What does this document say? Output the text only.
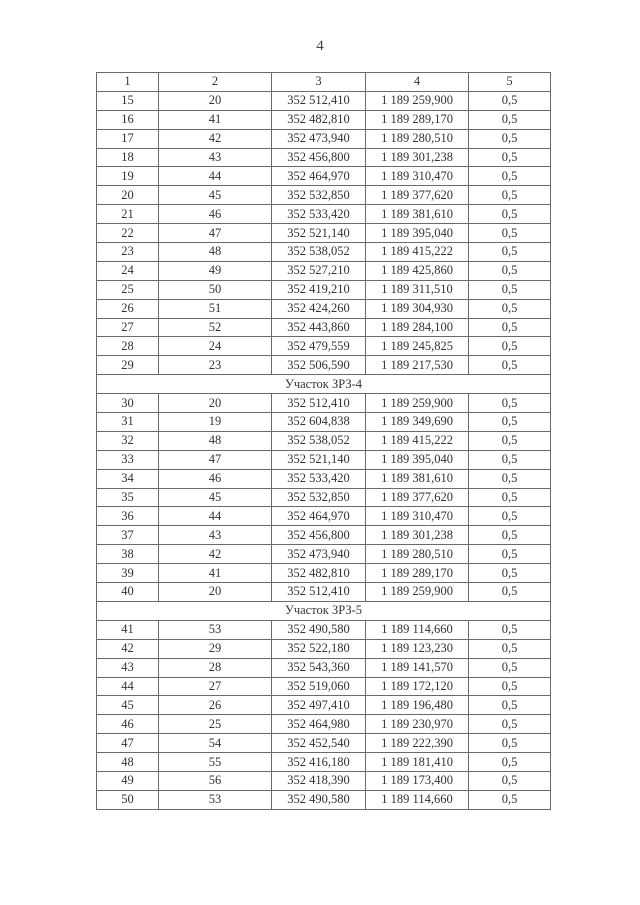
4
1	2	3	4	5
15	20	352 512,410	1 189 259,900	0,5
16	41	352 482,810	1 189 289,170	0,5
17	42	352 473,940	1 189 280,510	0,5
18	43	352 456,800	1 189 301,238	0,5
19	44	352 464,970	1 189 310,470	0,5
20	45	352 532,850	1 189 377,620	0,5
21	46	352 533,420	1 189 381,610	0,5
22	47	352 521,140	1 189 395,040	0,5
23	48	352 538,052	1 189 415,222	0,5
24	49	352 527,210	1 189 425,860	0,5
25	50	352 419,210	1 189 311,510	0,5
26	51	352 424,260	1 189 304,930	0,5
27	52	352 443,860	1 189 284,100	0,5
28	24	352 479,559	1 189 245,825	0,5
29	23	352 506,590	1 189 217,530	0,5
Участок ЗРЗ-4				
30	20	352 512,410	1 189 259,900	0,5
31	19	352 604,838	1 189 349,690	0,5
32	48	352 538,052	1 189 415,222	0,5
33	47	352 521,140	1 189 395,040	0,5
34	46	352 533,420	1 189 381,610	0,5
35	45	352 532,850	1 189 377,620	0,5
36	44	352 464,970	1 189 310,470	0,5
37	43	352 456,800	1 189 301,238	0,5
38	42	352 473,940	1 189 280,510	0,5
39	41	352 482,810	1 189 289,170	0,5
40	20	352 512,410	1 189 259,900	0,5
Участок ЗРЗ-5				
41	53	352 490,580	1 189 114,660	0,5
42	29	352 522,180	1 189 123,230	0,5
43	28	352 543,360	1 189 141,570	0,5
44	27	352 519,060	1 189 172,120	0,5
45	26	352 497,410	1 189 196,480	0,5
46	25	352 464,980	1 189 230,970	0,5
47	54	352 452,540	1 189 222,390	0,5
48	55	352 416,180	1 189 181,410	0,5
49	56	352 418,390	1 189 173,400	0,5
50	53	352 490,580	1 189 114,660	0,5
